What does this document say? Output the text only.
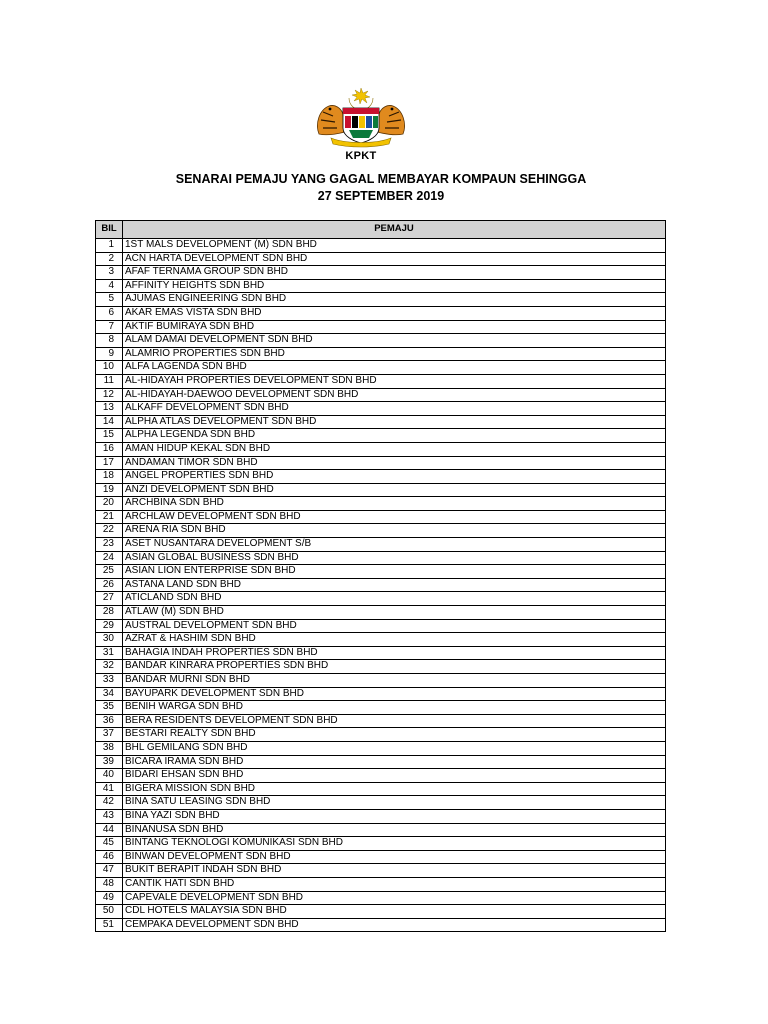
KPKT
SENARAI PEMAJU YANG GAGAL MEMBAYAR KOMPAUN SEHINGGA
27 SEPTEMBER 2019
BIL	PEMAJU
1	1ST MALS DEVELOPMENT (M) SDN BHD
2	ACN HARTA DEVELOPMENT SDN BHD
3	AFAF TERNAMA GROUP SDN BHD
4	AFFINITY HEIGHTS SDN BHD
5	AJUMAS ENGINEERING SDN BHD
6	AKAR EMAS VISTA SDN BHD
7	AKTIF BUMIRAYA SDN BHD
8	ALAM DAMAI DEVELOPMENT SDN BHD
9	ALAMRIO PROPERTIES SDN BHD
10	ALFA LAGENDA SDN BHD
11	AL-HIDAYAH PROPERTIES DEVELOPMENT SDN BHD
12	AL-HIDAYAH-DAEWOO DEVELOPMENT SDN BHD
13	ALKAFF DEVELOPMENT SDN BHD
14	ALPHA ATLAS DEVELOPMENT SDN BHD
15	ALPHA LEGENDA SDN BHD
16	AMAN HIDUP KEKAL SDN BHD
17	ANDAMAN TIMOR SDN BHD
18	ANGEL PROPERTIES SDN BHD
19	ANZI DEVELOPMENT SDN BHD
20	ARCHBINA SDN BHD
21	ARCHLAW DEVELOPMENT SDN BHD
22	ARENA RIA SDN BHD
23	ASET NUSANTARA DEVELOPMENT S/B
24	ASIAN GLOBAL BUSINESS SDN BHD
25	ASIAN LION ENTERPRISE SDN BHD
26	ASTANA LAND SDN BHD
27	ATICLAND SDN BHD
28	ATLAW (M) SDN BHD
29	AUSTRAL DEVELOPMENT SDN BHD
30	AZRAT & HASHIM SDN BHD
31	BAHAGIA INDAH PROPERTIES SDN BHD
32	BANDAR KINRARA PROPERTIES SDN BHD
33	BANDAR MURNI SDN BHD
34	BAYUPARK DEVELOPMENT SDN BHD
35	BENIH WARGA SDN BHD
36	BERA RESIDENTS DEVELOPMENT SDN BHD
37	BESTARI REALTY SDN BHD
38	BHL GEMILANG SDN BHD
39	BICARA IRAMA SDN BHD
40	BIDARI EHSAN SDN BHD
41	BIGERA MISSION SDN BHD
42	BINA SATU LEASING SDN BHD
43	BINA YAZI SDN BHD
44	BINANUSA SDN BHD
45	BINTANG TEKNOLOGI KOMUNIKASI SDN BHD
46	BINWAN DEVELOPMENT SDN BHD
47	BUKIT BERAPIT INDAH SDN BHD
48	CANTIK HATI SDN BHD
49	CAPEVALE DEVELOPMENT SDN BHD
50	CDL HOTELS MALAYSIA SDN BHD
51	CEMPAKA DEVELOPMENT SDN BHD
